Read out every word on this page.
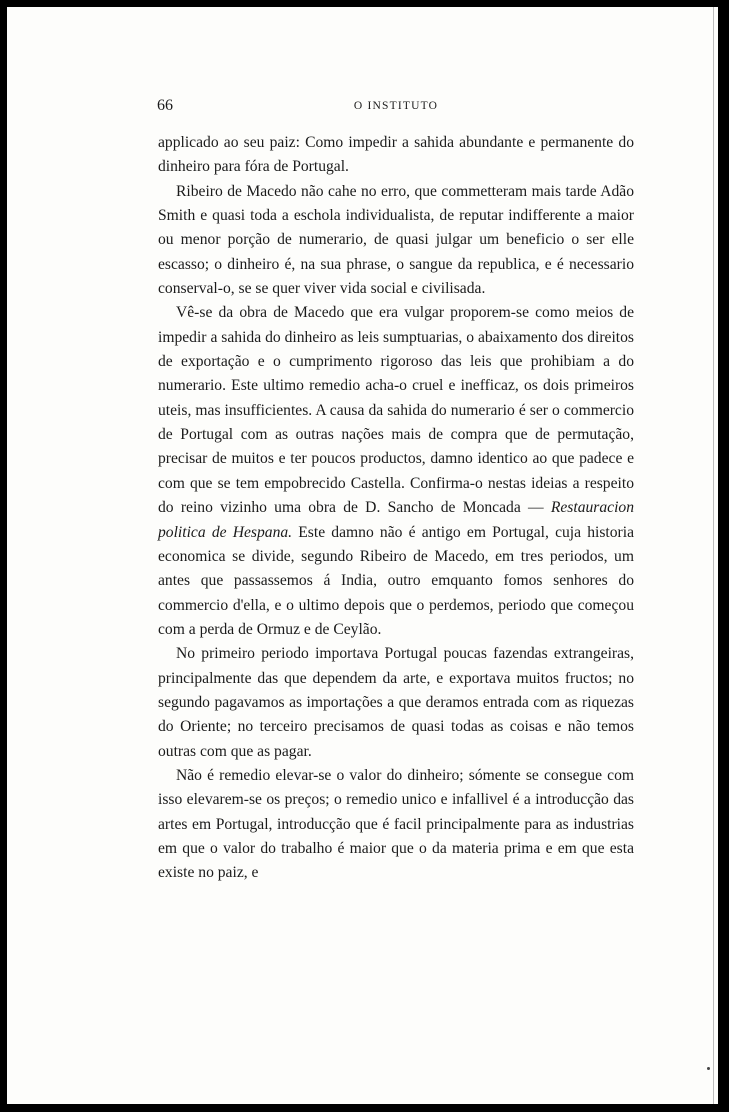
66	O INSTITUTO

applicado ao seu paiz: Como impedir a sahida abundante e permanente do dinheiro para fóra de Portugal.

Ribeiro de Macedo não cahe no erro, que commetteram mais tarde Adão Smith e quasi toda a eschola individualista, de reputar indifferente a maior ou menor porção de numerario, de quasi julgar um beneficio o ser elle escasso; o dinheiro é, na sua phrase, o sangue da republica, e é necessario conserval-o, se se quer viver vida social e civilisada.

Vê-se da obra de Macedo que era vulgar proporem-se como meios de impedir a sahida do dinheiro as leis sumptuarias, o abaixamento dos direitos de exportação e o cumprimento rigoroso das leis que prohibiam a do numerario. Este ultimo remedio acha-o cruel e inefficaz, os dois primeiros uteis, mas insufficientes. A causa da sahida do numerario é ser o commercio de Portugal com as outras nações mais de compra que de permutação, precisar de muitos e ter poucos productos, damno identico ao que padece e com que se tem empobrecido Castella. Confirma-o nestas ideias a respeito do reino vizinho uma obra de D. Sancho de Moncada — Restauracion politica de Hespana. Este damno não é antigo em Portugal, cuja historia economica se divide, segundo Ribeiro de Macedo, em tres periodos, um antes que passassemos á India, outro emquanto fomos senhores do commercio d'ella, e o ultimo depois que o perdemos, periodo que começou com a perda de Ormuz e de Ceylão.

No primeiro periodo importava Portugal poucas fazendas extrangeiras, principalmente das que dependem da arte, e exportava muitos fructos; no segundo pagavamos as importações a que deramos entrada com as riquezas do Oriente; no terceiro precisamos de quasi todas as coisas e não temos outras com que as pagar.

Não é remedio elevar-se o valor do dinheiro; sómente se consegue com isso elevarem-se os preços; o remedio unico e infallivel é a introducção das artes em Portugal, introducção que é facil principalmente para as industrias em que o valor do trabalho é maior que o da materia prima e em que esta existe no paiz, e
